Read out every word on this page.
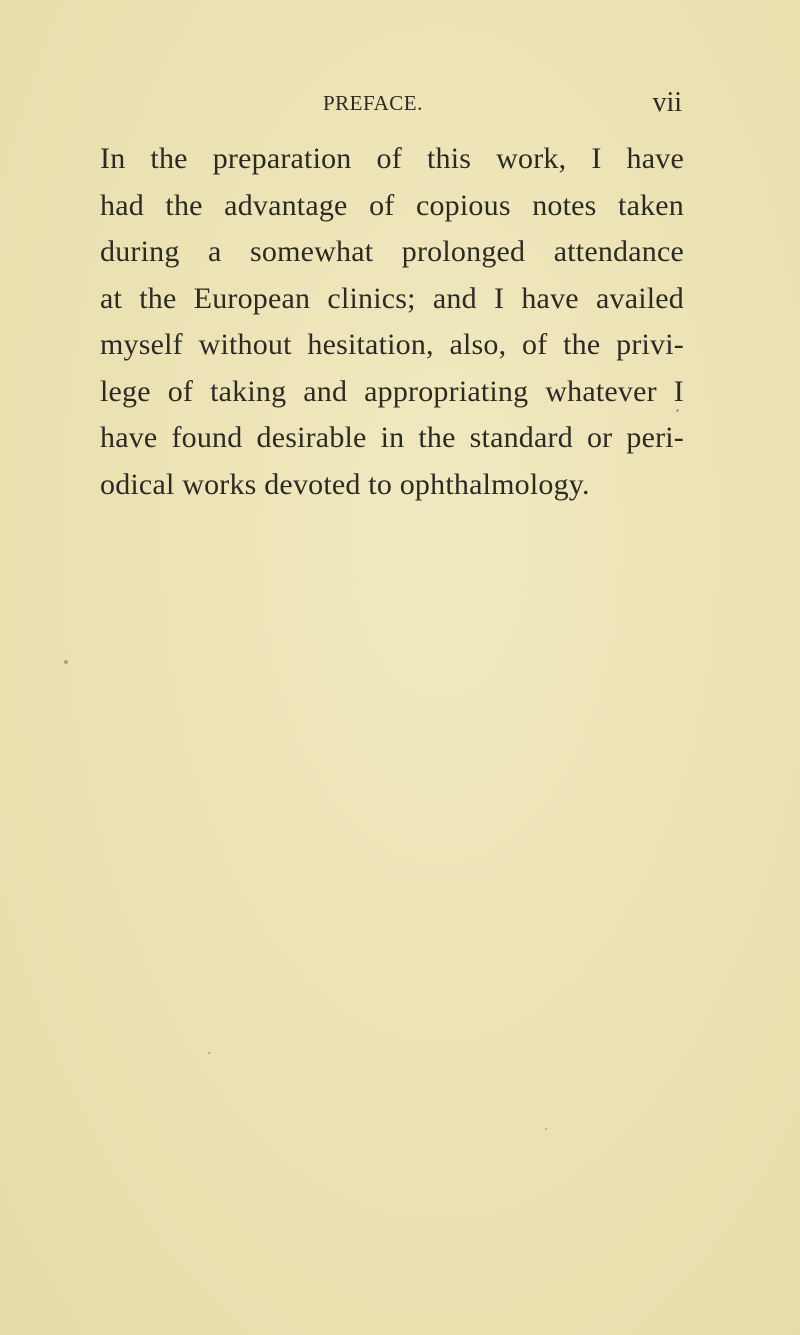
PREFACE.	vii
In the preparation of this work, I have
had the advantage of copious notes taken
during a somewhat prolonged attendance
at the European clinics; and I have availed
myself without hesitation, also, of the privi-
lege of taking and appropriating whatever I
have found desirable in the standard or peri-
odical works devoted to ophthalmology.
